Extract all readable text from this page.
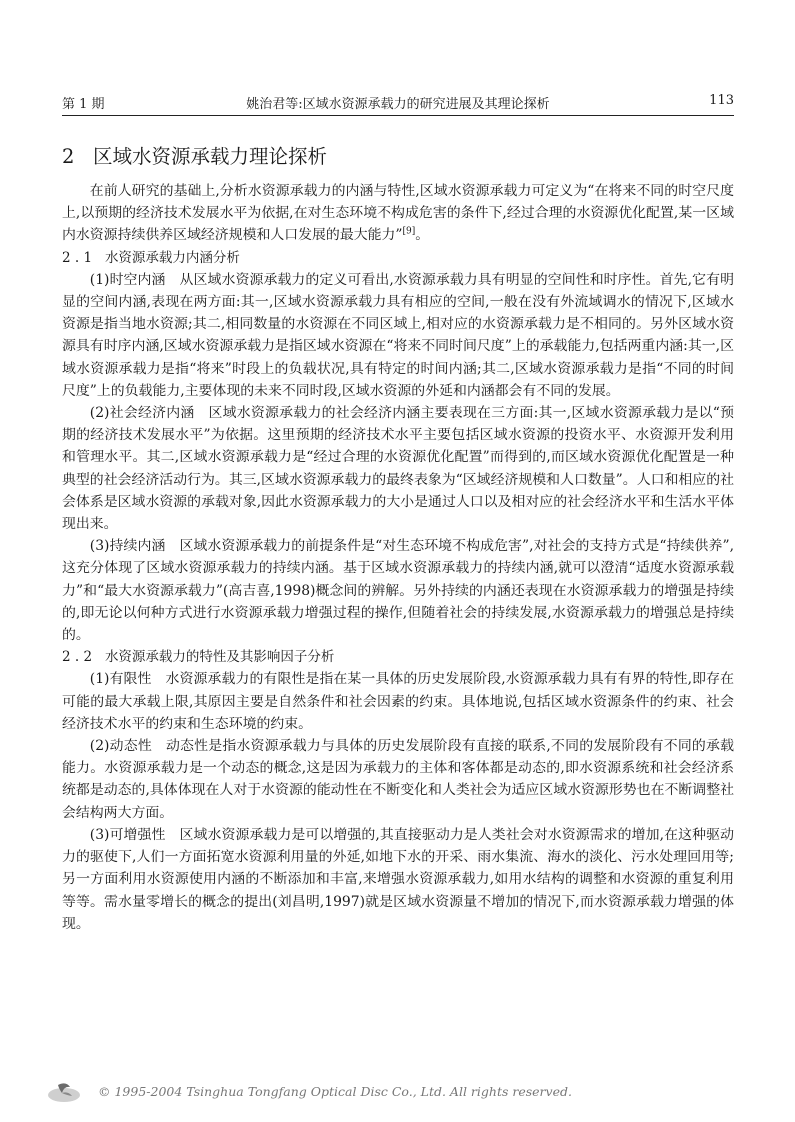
第 1 期	姚治君等:区域水资源承载力的研究进展及其理论探析	113
2 区域水资源承载力理论探析

在前人研究的基础上,分析水资源承载力的内涵与特性,区域水资源承载力可定义为“在将来不同的时空尺度上,以预期的经济技术发展水平为依据,在对生态环境不构成危害的条件下,经过合理的水资源优化配置,某一区域内水资源持续供养区域经济规模和人口发展的最大能力”[9]。

2 . 1 水资源承载力内涵分析

(1)时空内涵 从区域水资源承载力的定义可看出,水资源承载力具有明显的空间性和时序性。首先,它有明显的空间内涵,表现在两方面:其一,区域水资源承载力具有相应的空间,一般在没有外流域调水的情况下,区域水资源是指当地水资源;其二,相同数量的水资源在不同区域上,相对应的水资源承载力是不相同的。另外区域水资源具有时序内涵,区域水资源承载力是指区域水资源在“将来不同时间尺度”上的承载能力,包括两重内涵:其一,区域水资源承载力是指“将来”时段上的负载状况,具有特定的时间内涵;其二,区域水资源承载力是指“不同的时间尺度”上的负载能力,主要体现的未来不同时段,区域水资源的外延和内涵都会有不同的发展。

(2)社会经济内涵 区域水资源承载力的社会经济内涵主要表现在三方面:其一,区域水资源承载力是以“预期的经济技术发展水平”为依据。这里预期的经济技术水平主要包括区域水资源的投资水平、水资源开发利用和管理水平。其二,区域水资源承载力是“经过合理的水资源优化配置”而得到的,而区域水资源优化配置是一种典型的社会经济活动行为。其三,区域水资源承载力的最终表象为“区域经济规模和人口数量”。人口和相应的社会体系是区域水资源的承载对象,因此水资源承载力的大小是通过人口以及相对应的社会经济水平和生活水平体现出来。

(3)持续内涵 区域水资源承载力的前提条件是“对生态环境不构成危害”,对社会的支持方式是“持续供养”,这充分体现了区域水资源承载力的持续内涵。基于区域水资源承载力的持续内涵,就可以澄清“适度水资源承载力”和“最大水资源承载力”(高吉喜,1998)概念间的辨解。另外持续的内涵还表现在水资源承载力的增强是持续的,即无论以何种方式进行水资源承载力增强过程的操作,但随着社会的持续发展,水资源承载力的增强总是持续的。

2 . 2 水资源承载力的特性及其影响因子分析

(1)有限性 水资源承载力的有限性是指在某一具体的历史发展阶段,水资源承载力具有有界的特性,即存在可能的最大承载上限,其原因主要是自然条件和社会因素的约束。具体地说,包括区域水资源条件的约束、社会经济技术水平的约束和生态环境的约束。

(2)动态性 动态性是指水资源承载力与具体的历史发展阶段有直接的联系,不同的发展阶段有不同的承载能力。水资源承载力是一个动态的概念,这是因为承载力的主体和客体都是动态的,即水资源系统和社会经济系统都是动态的,具体体现在人对于水资源的能动性在不断变化和人类社会为适应区域水资源形势也在不断调整社会结构两大方面。

(3)可增强性 区域水资源承载力是可以增强的,其直接驱动力是人类社会对水资源需求的增加,在这种驱动力的驱使下,人们一方面拓宽水资源利用量的外延,如地下水的开采、雨水集流、海水的淡化、污水处理回用等;另一方面利用水资源使用内涵的不断添加和丰富,来增强水资源承载力,如用水结构的调整和水资源的重复利用等等。需水量零增长的概念的提出(刘昌明,1997)就是区域水资源量不增加的情况下,而水资源承载力增强的体现。

© 1995-2004 Tsinghua Tongfang Optical Disc Co., Ltd. All rights reserved.
